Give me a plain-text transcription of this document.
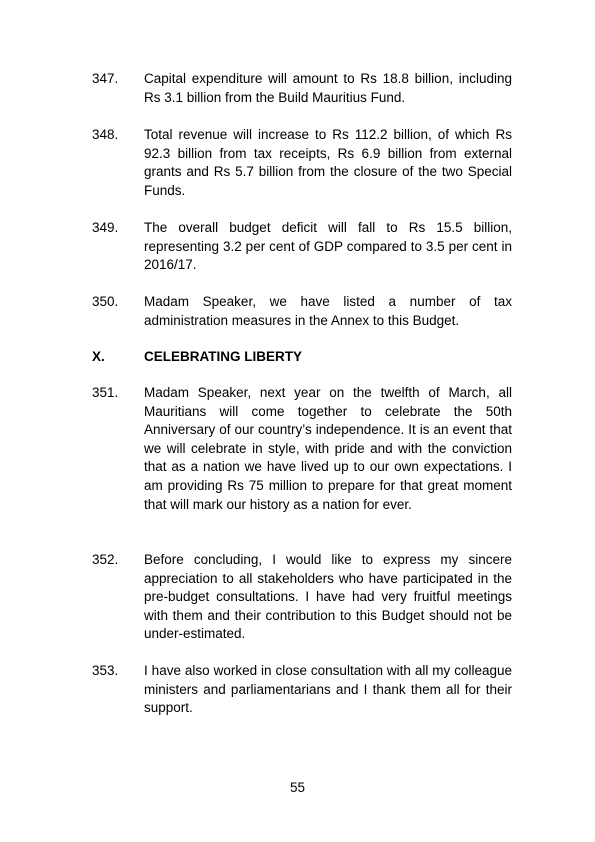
347. Capital expenditure will amount to Rs 18.8 billion, including Rs 3.1 billion from the Build Mauritius Fund.
348. Total revenue will increase to Rs 112.2 billion, of which Rs 92.3 billion from tax receipts, Rs 6.9 billion from external grants and Rs 5.7 billion from the closure of the two Special Funds.
349. The overall budget deficit will fall to Rs 15.5 billion, representing 3.2 per cent of GDP compared to 3.5 per cent in 2016/17.
350. Madam Speaker, we have listed a number of tax administration measures in the Annex to this Budget.
X.	CELEBRATING LIBERTY
351. Madam Speaker, next year on the twelfth of March, all Mauritians will come together to celebrate the 50th Anniversary of our country’s independence. It is an event that we will celebrate in style, with pride and with the conviction that as a nation we have lived up to our own expectations. I am providing Rs 75 million to prepare for that great moment that will mark our history as a nation for ever.
352. Before concluding, I would like to express my sincere appreciation to all stakeholders who have participated in the pre-budget consultations. I have had very fruitful meetings with them and their contribution to this Budget should not be under-estimated.
353. I have also worked in close consultation with all my colleague ministers and parliamentarians and I thank them all for their support.
55
